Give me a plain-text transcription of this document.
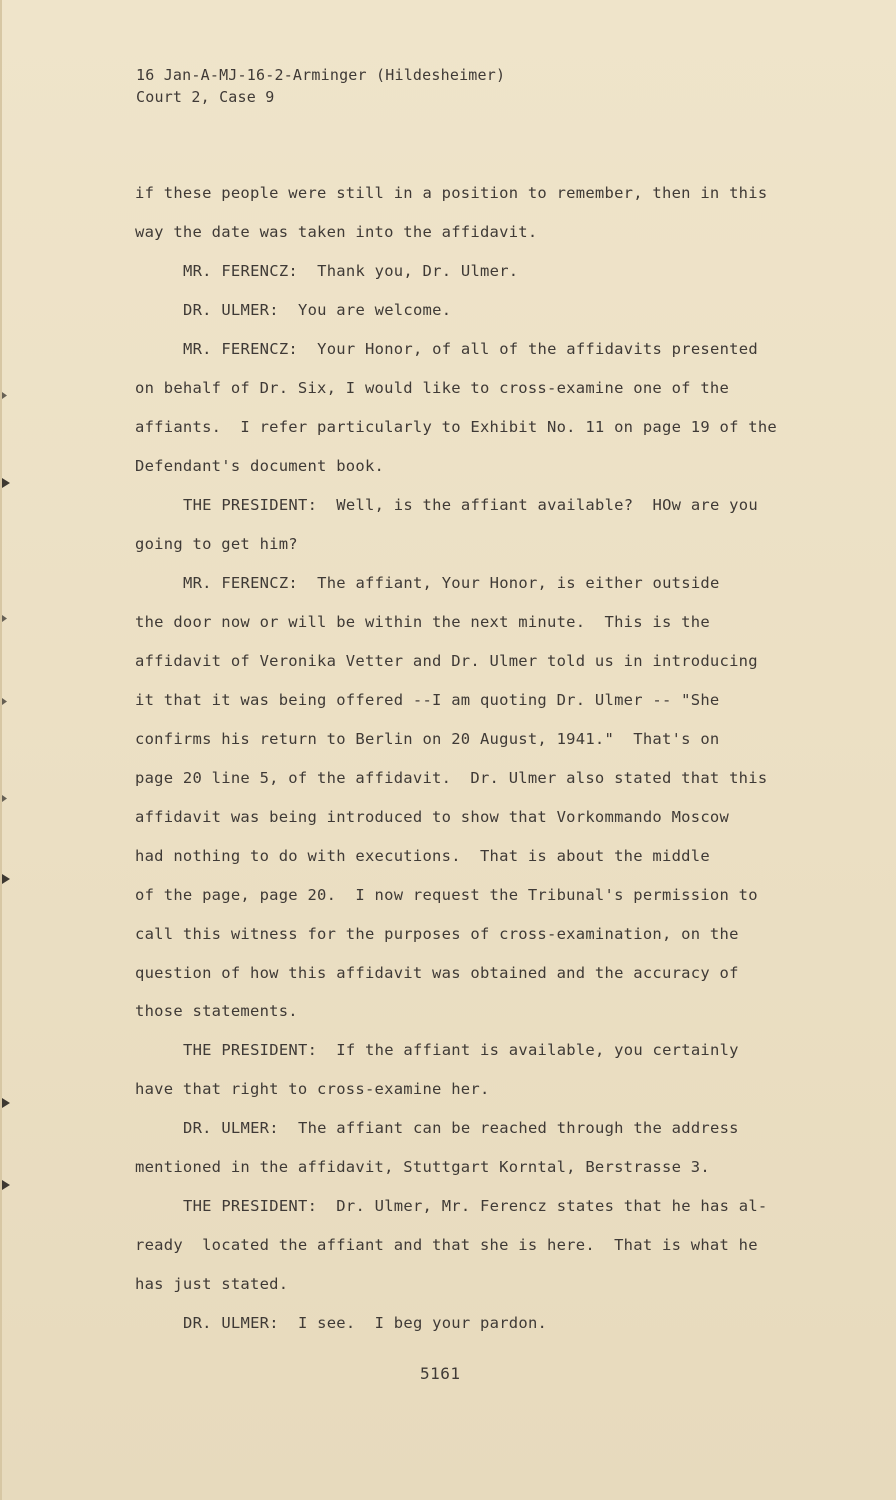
16 Jan-A-MJ-16-2-Arminger (Hildesheimer)
Court 2, Case 9
if these people were still in a position to remember, then in this
way the date was taken into the affidavit.
MR. FERENCZ:  Thank you, Dr. Ulmer.
DR. ULMER:  You are welcome.
MR. FERENCZ:  Your Honor, of all of the affidavits presented
on behalf of Dr. Six, I would like to cross-examine one of the
affiants.  I refer particularly to Exhibit No. 11 on page 19 of the
Defendant's document book.
THE PRESIDENT:  Well, is the affiant available?  HOw are you
going to get him?
MR. FERENCZ:  The affiant, Your Honor, is either outside
the door now or will be within the next minute.  This is the
affidavit of Veronika Vetter and Dr. Ulmer told us in introducing
it that it was being offered --I am quoting Dr. Ulmer -- "She
confirms his return to Berlin on 20 August, 1941."  That's on
page 20 line 5, of the affidavit.  Dr. Ulmer also stated that this
affidavit was being introduced to show that Vorkommando Moscow
had nothing to do with executions.  That is about the middle
of the page, page 20.  I now request the Tribunal's permission to
call this witness for the purposes of cross-examination, on the
question of how this affidavit was obtained and the accuracy of
those statements.
THE PRESIDENT:  If the affiant is available, you certainly
have that right to cross-examine her.
DR. ULMER:  The affiant can be reached through the address
mentioned in the affidavit, Stuttgart Korntal, Berstrasse 3.
THE PRESIDENT:  Dr. Ulmer, Mr. Ferencz states that he has al-
ready  located the affiant and that she is here.  That is what he
has just stated.
DR. ULMER:  I see.  I beg your pardon.
5161
